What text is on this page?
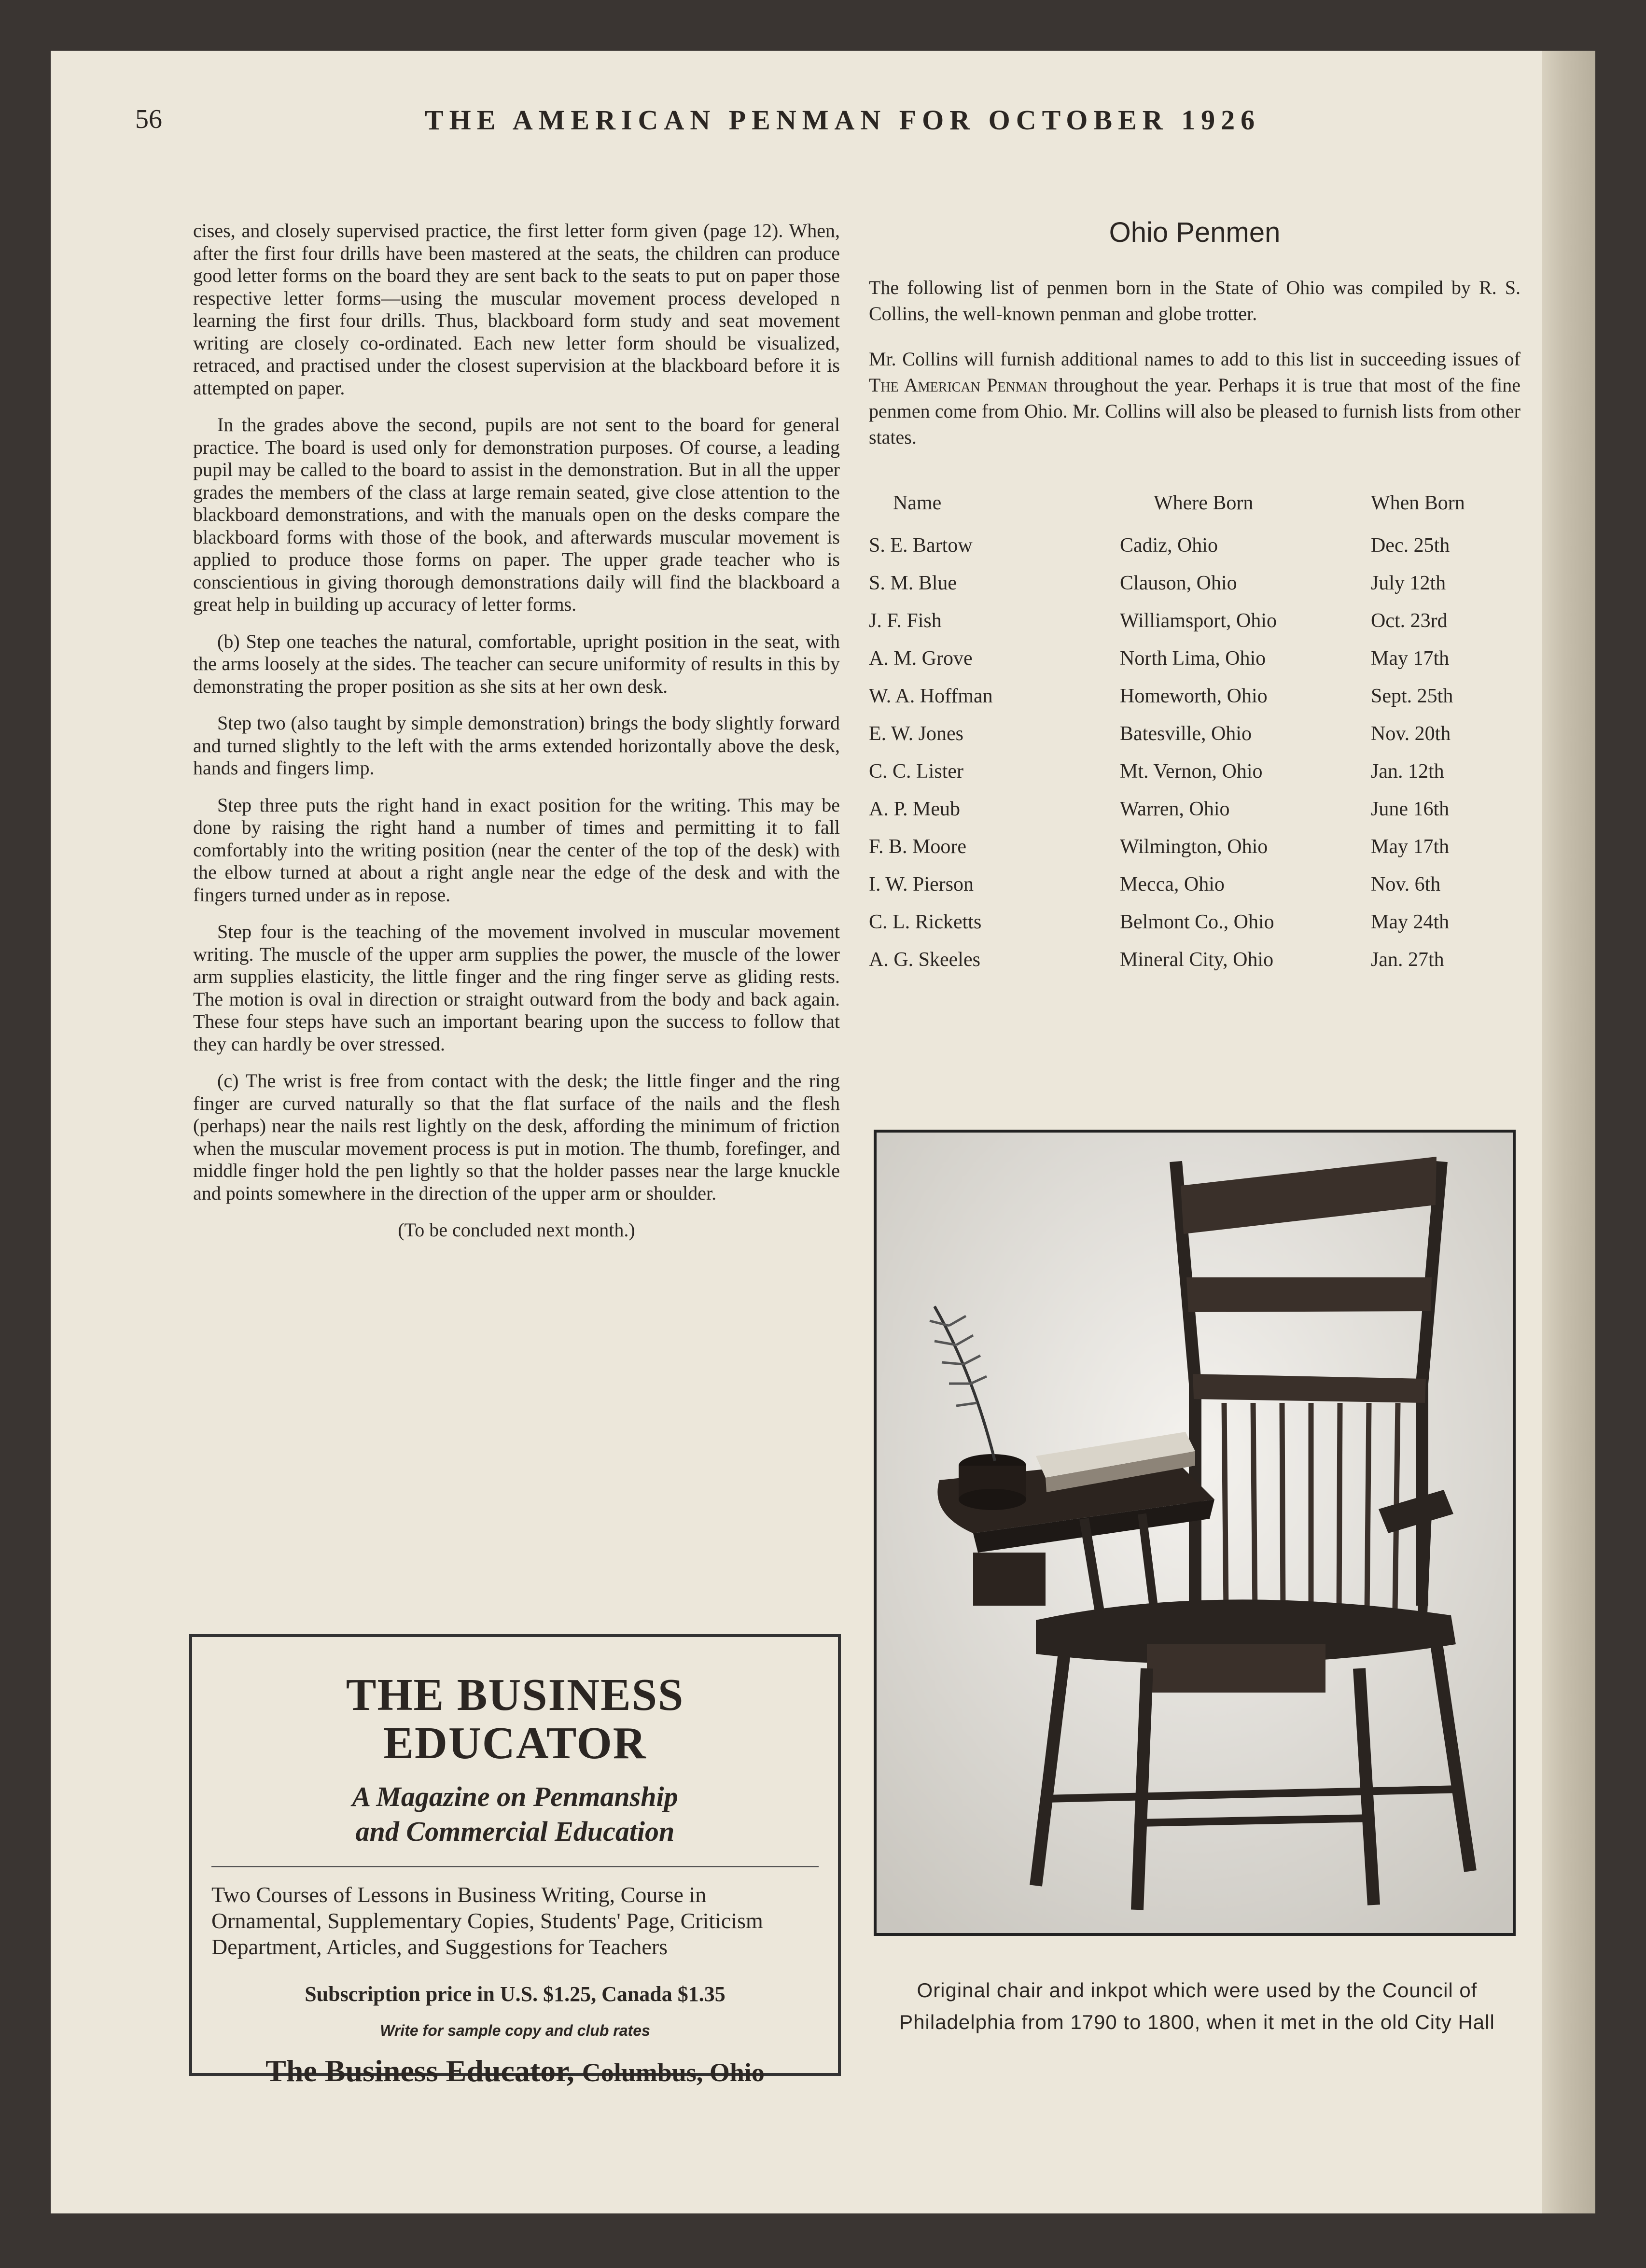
56	THE AMERICAN PENMAN FOR OCTOBER 1926

cises, and closely supervised practice, the first letter form given (page 12). When, after the first four drills have been mastered at the seats, the children can produce good letter forms on the board they are sent back to the seats to put on paper those respective letter forms—using the muscular movement process developed n learning the first four drills. Thus, blackboard form study and seat movement writing are closely co-ordinated. Each new letter form should be visualized, retraced, and practised under the closest supervision at the blackboard before it is attempted on paper.

In the grades above the second, pupils are not sent to the board for general practice. The board is used only for demonstration purposes. Of course, a leading pupil may be called to the board to assist in the demonstration. But in all the upper grades the members of the class at large remain seated, give close attention to the blackboard demonstrations, and with the manuals open on the desks compare the blackboard forms with those of the book, and afterwards muscular movement is applied to produce those forms on paper. The upper grade teacher who is conscientious in giving thorough demonstrations daily will find the blackboard a great help in building up accuracy of letter forms.

(b) Step one teaches the natural, comfortable, upright position in the seat, with the arms loosely at the sides. The teacher can secure uniformity of results in this by demonstrating the proper position as she sits at her own desk.

Step two (also taught by simple demonstration) brings the body slightly forward and turned slightly to the left with the arms extended horizontally above the desk, hands and fingers limp.

Step three puts the right hand in exact position for the writing. This may be done by raising the right hand a number of times and permitting it to fall comfortably into the writing position (near the center of the top of the desk) with the elbow turned at about a right angle near the edge of the desk and with the fingers turned under as in repose.

Step four is the teaching of the movement involved in muscular movement writing. The muscle of the upper arm supplies the power, the muscle of the lower arm supplies elasticity, the little finger and the ring finger serve as gliding rests. The motion is oval in direction or straight outward from the body and back again. These four steps have such an important bearing upon the success to follow that they can hardly be over stressed.

(c) The wrist is free from contact with the desk; the little finger and the ring finger are curved naturally so that the flat surface of the nails and the flesh (perhaps) near the nails rest lightly on the desk, affording the minimum of friction when the muscular movement process is put in motion. The thumb, forefinger, and middle finger hold the pen lightly so that the holder passes near the large knuckle and points somewhere in the direction of the upper arm or shoulder.

(To be concluded next month.)

THE BUSINESS EDUCATOR
A Magazine on Penmanship
and Commercial Education
Two Courses of Lessons in Business Writing, Course in Ornamental, Supplementary Copies, Students' Page, Criticism Department, Articles, and Suggestions for Teachers
Subscription price in U.S. $1.25, Canada $1.35
Write for sample copy and club rates
The Business Educator, Columbus, Ohio
Ohio Penmen

The following list of penmen born in the State of Ohio was compiled by R. S. Collins, the well-known penman and globe trotter.

Mr. Collins will furnish additional names to add to this list in succeeding issues of The American Penman throughout the year. Perhaps it is true that most of the fine penmen come from Ohio. Mr. Collins will also be pleased to furnish lists from other states.

Name	Where Born	When Born
S. E. Bartow	Cadiz, Ohio	Dec. 25th
S. M. Blue	Clauson, Ohio	July 12th
J. F. Fish	Williamsport, Ohio	Oct. 23rd
A. M. Grove	North Lima, Ohio	May 17th
W. A. Hoffman	Homeworth, Ohio	Sept. 25th
E. W. Jones	Batesville, Ohio	Nov. 20th
C. C. Lister	Mt. Vernon, Ohio	Jan. 12th
A. P. Meub	Warren, Ohio	June 16th
F. B. Moore	Wilmington, Ohio	May 17th
I. W. Pierson	Mecca, Ohio	Nov. 6th
C. L. Ricketts	Belmont Co., Ohio	May 24th
A. G. Skeeles	Mineral City, Ohio	Jan. 27th
Original chair and inkpot which were used by the Council of Philadelphia from 1790 to 1800, when it met in the old City Hall
